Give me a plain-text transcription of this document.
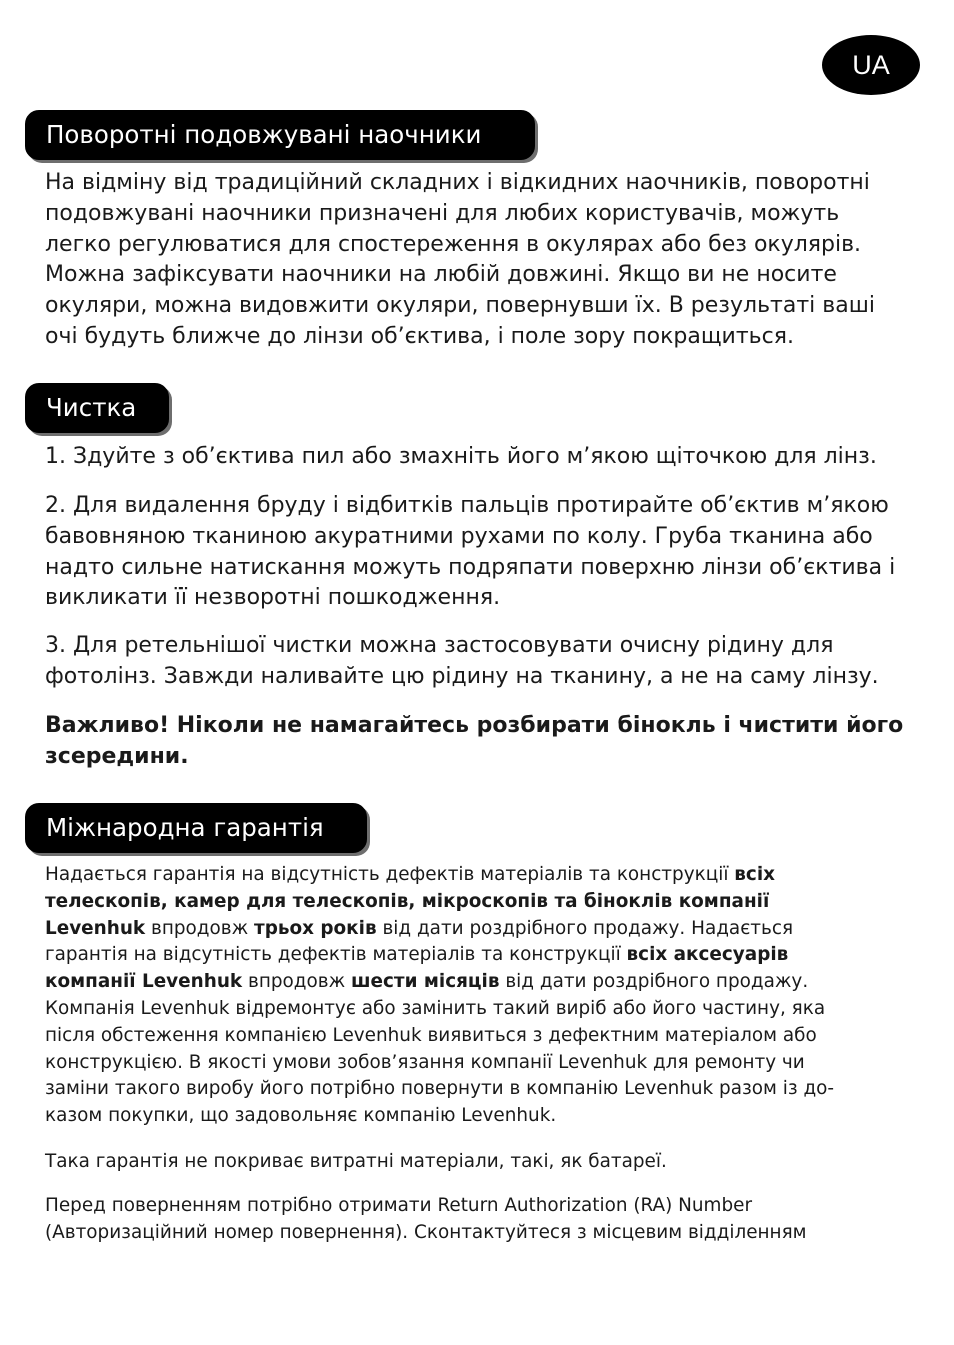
UA
Поворотні подовжувані наочники
На відміну від традиційний складних і відкидних наочників, поворотні
подовжувані наочники призначені для любих користувачів, можуть
легко регулюватися для спостереження в окулярах або без окулярів.
Можна зафіксувати наочники на любій довжині. Якщо ви не носите
окуляри, можна видовжити окуляри, повернувши їх. В результаті ваші
очі будуть ближче до лінзи об’єктива, і поле зору покращиться.
Чистка
1. Здуйте з об’єктива пил або змахніть його м’якою щіточкою для лінз.
2. Для видалення бруду і відбитків пальців протирайте об’єктив м’якою
бавовняною тканиною акуратними рухами по колу. Груба тканина або
надто сильне натискання можуть подряпати поверхню лінзи об’єктива і
викликати її незворотні пошкодження.
3. Для ретельнішої чистки можна застосовувати очисну рідину для
фотолінз. Завжди наливайте цю рідину на тканину, а не на саму лінзу.
Важливо! Ніколи не намагайтесь розбирати бінокль і чистити його
зсередини.
Міжнародна гарантія
Надається гарантія на відсутність дефектів матеріалів та конструкції всіх
телескопів, камер для телескопів, мікроскопів та біноклів компанії
Levenhuk впродовж трьох років від дати роздрібного продажу. Надається
гарантія на відсутність дефектів матеріалів та конструкції всіх аксесуарів
компанії Levenhuk впродовж шести місяців від дати роздрібного продажу.
Компанія Levenhuk відремонтує або замінить такий виріб або його частину, яка
після обстеження компанією Levenhuk виявиться з дефектним матеріалом або
конструкцією. В якості умови зобов’язання компанії Levenhuk для ремонту чи
заміни такого виробу його потрібно повернути в компанію Levenhuk разом із до-
казом покупки, що задовольняє компанію Levenhuk.
Така гарантія не покриває витратні матеріали, такі, як батареї.
Перед поверненням потрібно отримати Return Authorization (RA) Number
(Авторизаційний номер повернення). Сконтактуйтеся з місцевим відділенням
